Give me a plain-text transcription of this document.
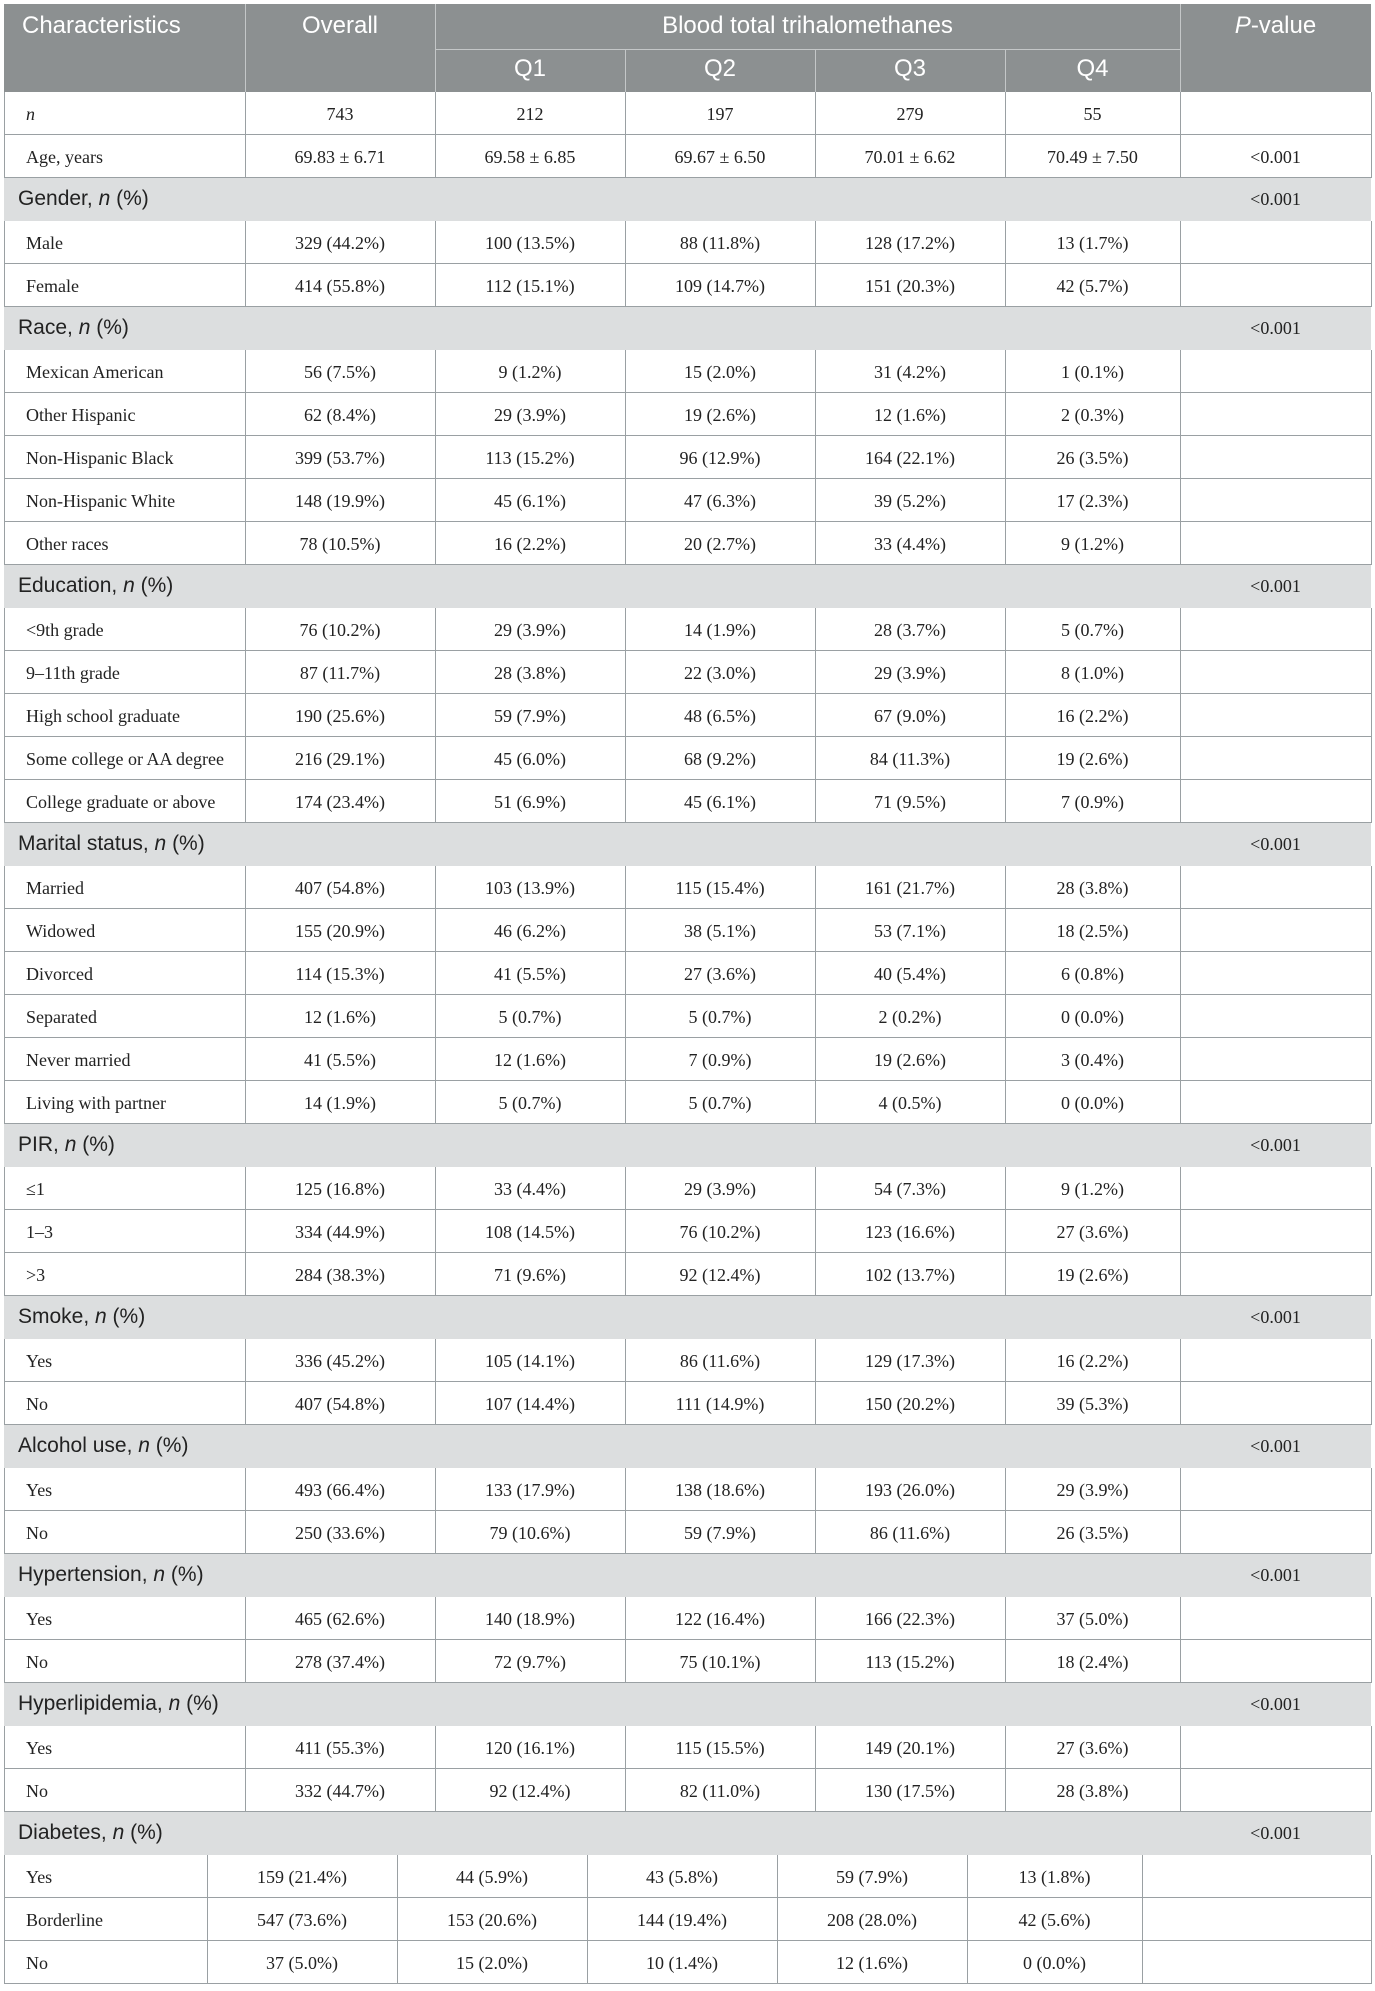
Characteristics	Overall	Blood total trihalomethanes
Q1	Q2	Q3	Q4
P-value
n	743	212	197	279	55
Age, years	69.83 ± 6.71	69.58 ± 6.85	69.67 ± 6.50	70.01 ± 6.62	70.49 ± 7.50	<0.001
Gender, n (%)	<0.001
Male	329 (44.2%)	100 (13.5%)	88 (11.8%)	128 (17.2%)	13 (1.7%)
Female	414 (55.8%)	112 (15.1%)	109 (14.7%)	151 (20.3%)	42 (5.7%)
Race, n (%)	<0.001
Mexican American	56 (7.5%)	9 (1.2%)	15 (2.0%)	31 (4.2%)	1 (0.1%)
Other Hispanic	62 (8.4%)	29 (3.9%)	19 (2.6%)	12 (1.6%)	2 (0.3%)
Non-Hispanic Black	399 (53.7%)	113 (15.2%)	96 (12.9%)	164 (22.1%)	26 (3.5%)
Non-Hispanic White	148 (19.9%)	45 (6.1%)	47 (6.3%)	39 (5.2%)	17 (2.3%)
Other races	78 (10.5%)	16 (2.2%)	20 (2.7%)	33 (4.4%)	9 (1.2%)
Education, n (%)	<0.001
<9th grade	76 (10.2%)	29 (3.9%)	14 (1.9%)	28 (3.7%)	5 (0.7%)
9–11th grade	87 (11.7%)	28 (3.8%)	22 (3.0%)	29 (3.9%)	8 (1.0%)
High school graduate	190 (25.6%)	59 (7.9%)	48 (6.5%)	67 (9.0%)	16 (2.2%)
Some college or AA degree	216 (29.1%)	45 (6.0%)	68 (9.2%)	84 (11.3%)	19 (2.6%)
College graduate or above	174 (23.4%)	51 (6.9%)	45 (6.1%)	71 (9.5%)	7 (0.9%)
Marital status, n (%)	<0.001
Married	407 (54.8%)	103 (13.9%)	115 (15.4%)	161 (21.7%)	28 (3.8%)
Widowed	155 (20.9%)	46 (6.2%)	38 (5.1%)	53 (7.1%)	18 (2.5%)
Divorced	114 (15.3%)	41 (5.5%)	27 (3.6%)	40 (5.4%)	6 (0.8%)
Separated	12 (1.6%)	5 (0.7%)	5 (0.7%)	2 (0.2%)	0 (0.0%)
Never married	41 (5.5%)	12 (1.6%)	7 (0.9%)	19 (2.6%)	3 (0.4%)
Living with partner	14 (1.9%)	5 (0.7%)	5 (0.7%)	4 (0.5%)	0 (0.0%)
PIR, n (%)	<0.001
≤1	125 (16.8%)	33 (4.4%)	29 (3.9%)	54 (7.3%)	9 (1.2%)
1–3	334 (44.9%)	108 (14.5%)	76 (10.2%)	123 (16.6%)	27 (3.6%)
>3	284 (38.3%)	71 (9.6%)	92 (12.4%)	102 (13.7%)	19 (2.6%)
Smoke, n (%)	<0.001
Yes	336 (45.2%)	105 (14.1%)	86 (11.6%)	129 (17.3%)	16 (2.2%)
No	407 (54.8%)	107 (14.4%)	111 (14.9%)	150 (20.2%)	39 (5.3%)
Alcohol use, n (%)	<0.001
Yes	493 (66.4%)	133 (17.9%)	138 (18.6%)	193 (26.0%)	29 (3.9%)
No	250 (33.6%)	79 (10.6%)	59 (7.9%)	86 (11.6%)	26 (3.5%)
Hypertension, n (%)	<0.001
Yes	465 (62.6%)	140 (18.9%)	122 (16.4%)	166 (22.3%)	37 (5.0%)
No	278 (37.4%)	72 (9.7%)	75 (10.1%)	113 (15.2%)	18 (2.4%)
Hyperlipidemia, n (%)	<0.001
Yes	411 (55.3%)	120 (16.1%)	115 (15.5%)	149 (20.1%)	27 (3.6%)
No	332 (44.7%)	92 (12.4%)	82 (11.0%)	130 (17.5%)	28 (3.8%)
Diabetes, n (%)	<0.001
Yes	159 (21.4%)	44 (5.9%)	43 (5.8%)	59 (7.9%)	13 (1.8%)
Borderline	547 (73.6%)	153 (20.6%)	144 (19.4%)	208 (28.0%)	42 (5.6%)
No	37 (5.0%)	15 (2.0%)	10 (1.4%)	12 (1.6%)	0 (0.0%)
